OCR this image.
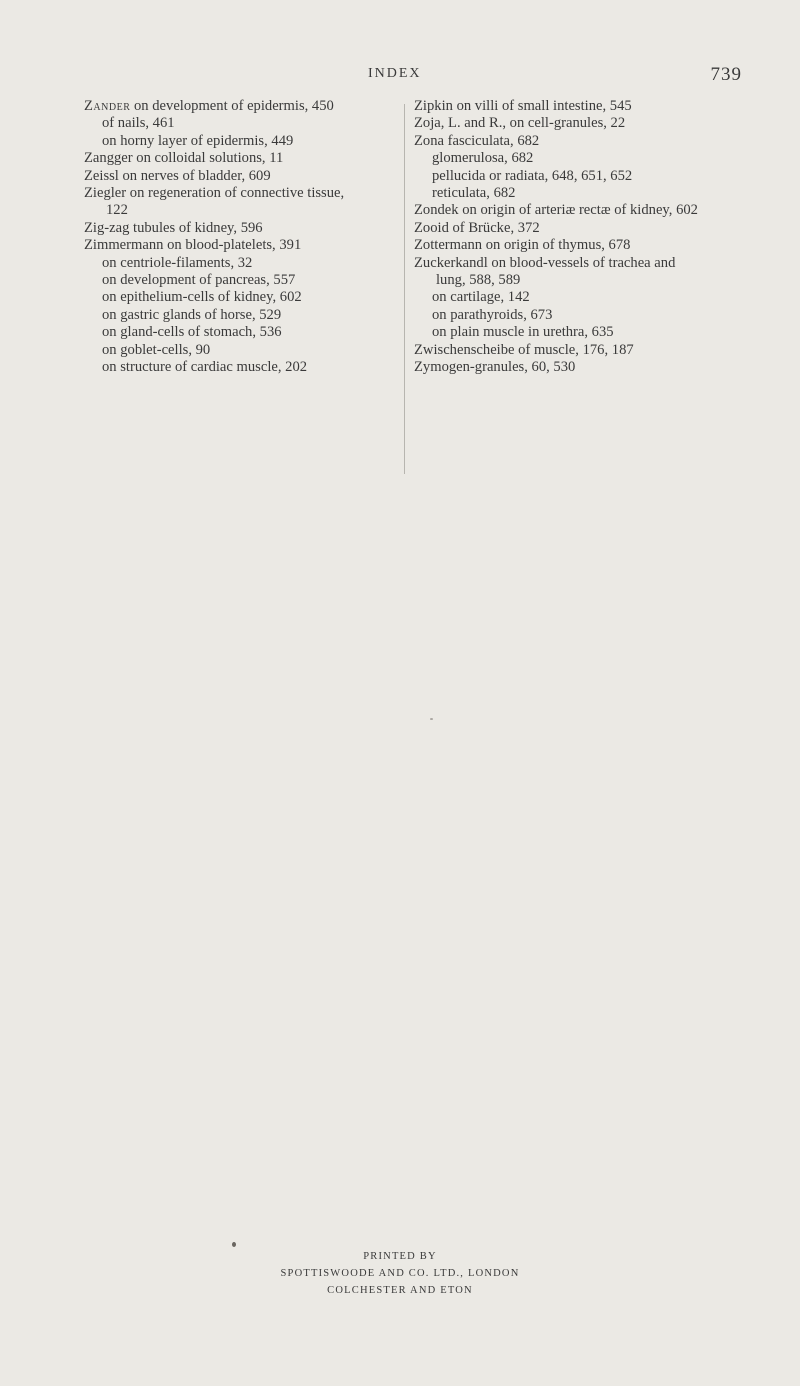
INDEX	739
Zander on development of epidermis, 450
of nails, 461
on horny layer of epidermis, 449
Zangger on colloidal solutions, 11
Zeissl on nerves of bladder, 609
Ziegler on regeneration of connective tissue,
122
Zig-zag tubules of kidney, 596
Zimmermann on blood-platelets, 391
on centriole-filaments, 32
on development of pancreas, 557
on epithelium-cells of kidney, 602
on gastric glands of horse, 529
on gland-cells of stomach, 536
on goblet-cells, 90
on structure of cardiac muscle, 202
Zipkin on villi of small intestine, 545
Zoja, L. and R., on cell-granules, 22
Zona fasciculata, 682
glomerulosa, 682
pellucida or radiata, 648, 651, 652
reticulata, 682
Zondek on origin of arteriæ rectæ of kidney, 602
Zooid of Brücke, 372
Zottermann on origin of thymus, 678
Zuckerkandl on blood-vessels of trachea and
lung, 588, 589
on cartilage, 142
on parathyroids, 673
on plain muscle in urethra, 635
Zwischenscheibe of muscle, 176, 187
Zymogen-granules, 60, 530
PRINTED BY
SPOTTISWOODE AND CO. LTD., LONDON
COLCHESTER AND ETON
